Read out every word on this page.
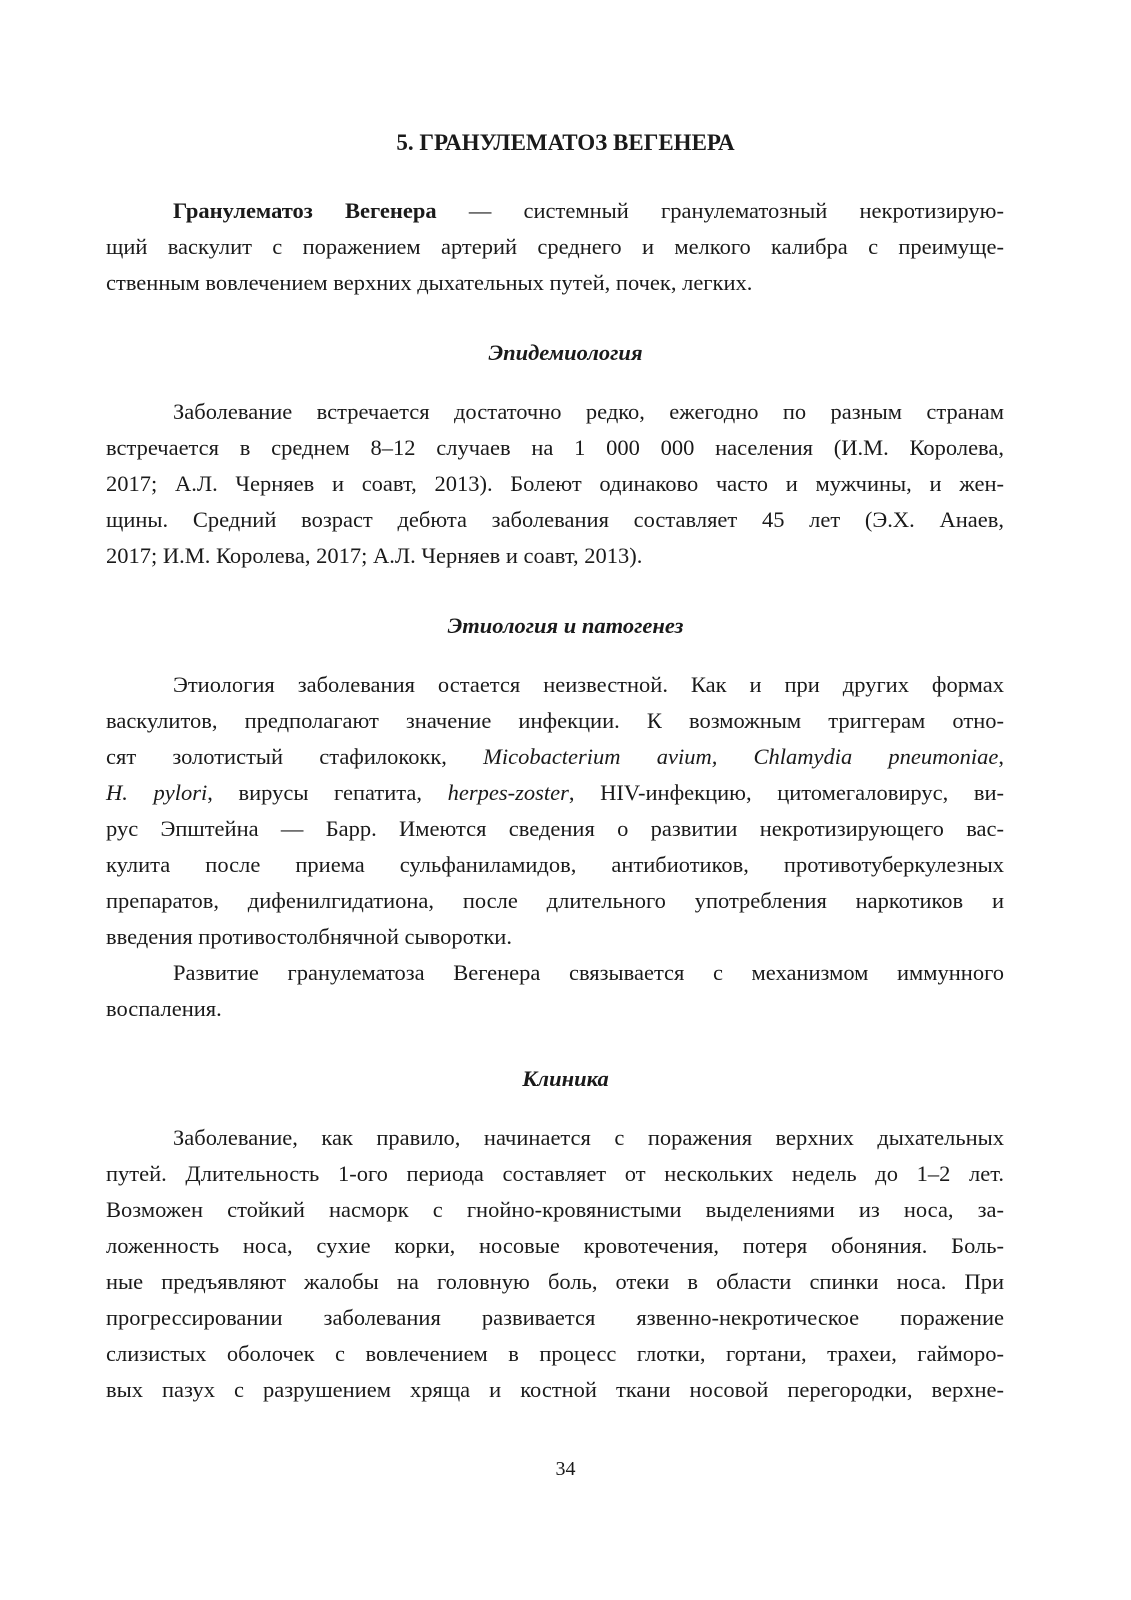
5. ГРАНУЛЕМАТОЗ ВЕГЕНЕРА
Гранулематоз Вегенера — системный гранулематозный некротизирую-
щий васкулит с поражением артерий среднего и мелкого калибра с преимуще-
ственным вовлечением верхних дыхательных путей, почек, легких.
Эпидемиология
Заболевание встречается достаточно редко, ежегодно по разным странам
встречается в среднем 8–12 случаев на 1 000 000 населения (И.М. Королева,
2017; А.Л. Черняев и соавт, 2013). Болеют одинаково часто и мужчины, и жен-
щины. Средний возраст дебюта заболевания составляет 45 лет (Э.Х. Анаев,
2017; И.М. Королева, 2017; А.Л. Черняев и соавт, 2013).
Этиология и патогенез
Этиология заболевания остается неизвестной. Как и при других формах
васкулитов, предполагают значение инфекции. К возможным триггерам отно-
сят золотистый стафилококк, Micobacterium avium, Chlamydia pneumoniae,
H. pylori, вирусы гепатита, herpes-zoster, HIV-инфекцию, цитомегаловирус, ви-
рус Эпштейна — Барр. Имеются сведения о развитии некротизирующего вас-
кулита после приема сульфаниламидов, антибиотиков, противотуберкулезных
препаратов, дифенилгидатиона, после длительного употребления наркотиков и
введения противостолбнячной сыворотки.
Развитие гранулематоза Вегенера связывается с механизмом иммунного
воспаления.
Клиника
Заболевание, как правило, начинается с поражения верхних дыхательных
путей. Длительность 1-ого периода составляет от нескольких недель до 1–2 лет.
Возможен стойкий насморк с гнойно-кровянистыми выделениями из носа, за-
ложенность носа, сухие корки, носовые кровотечения, потеря обоняния. Боль-
ные предъявляют жалобы на головную боль, отеки в области спинки носа. При
прогрессировании заболевания развивается язвенно-некротическое поражение
слизистых оболочек с вовлечением в процесс глотки, гортани, трахеи, гайморо-
вых пазух с разрушением хряща и костной ткани носовой перегородки, верхне-
34
